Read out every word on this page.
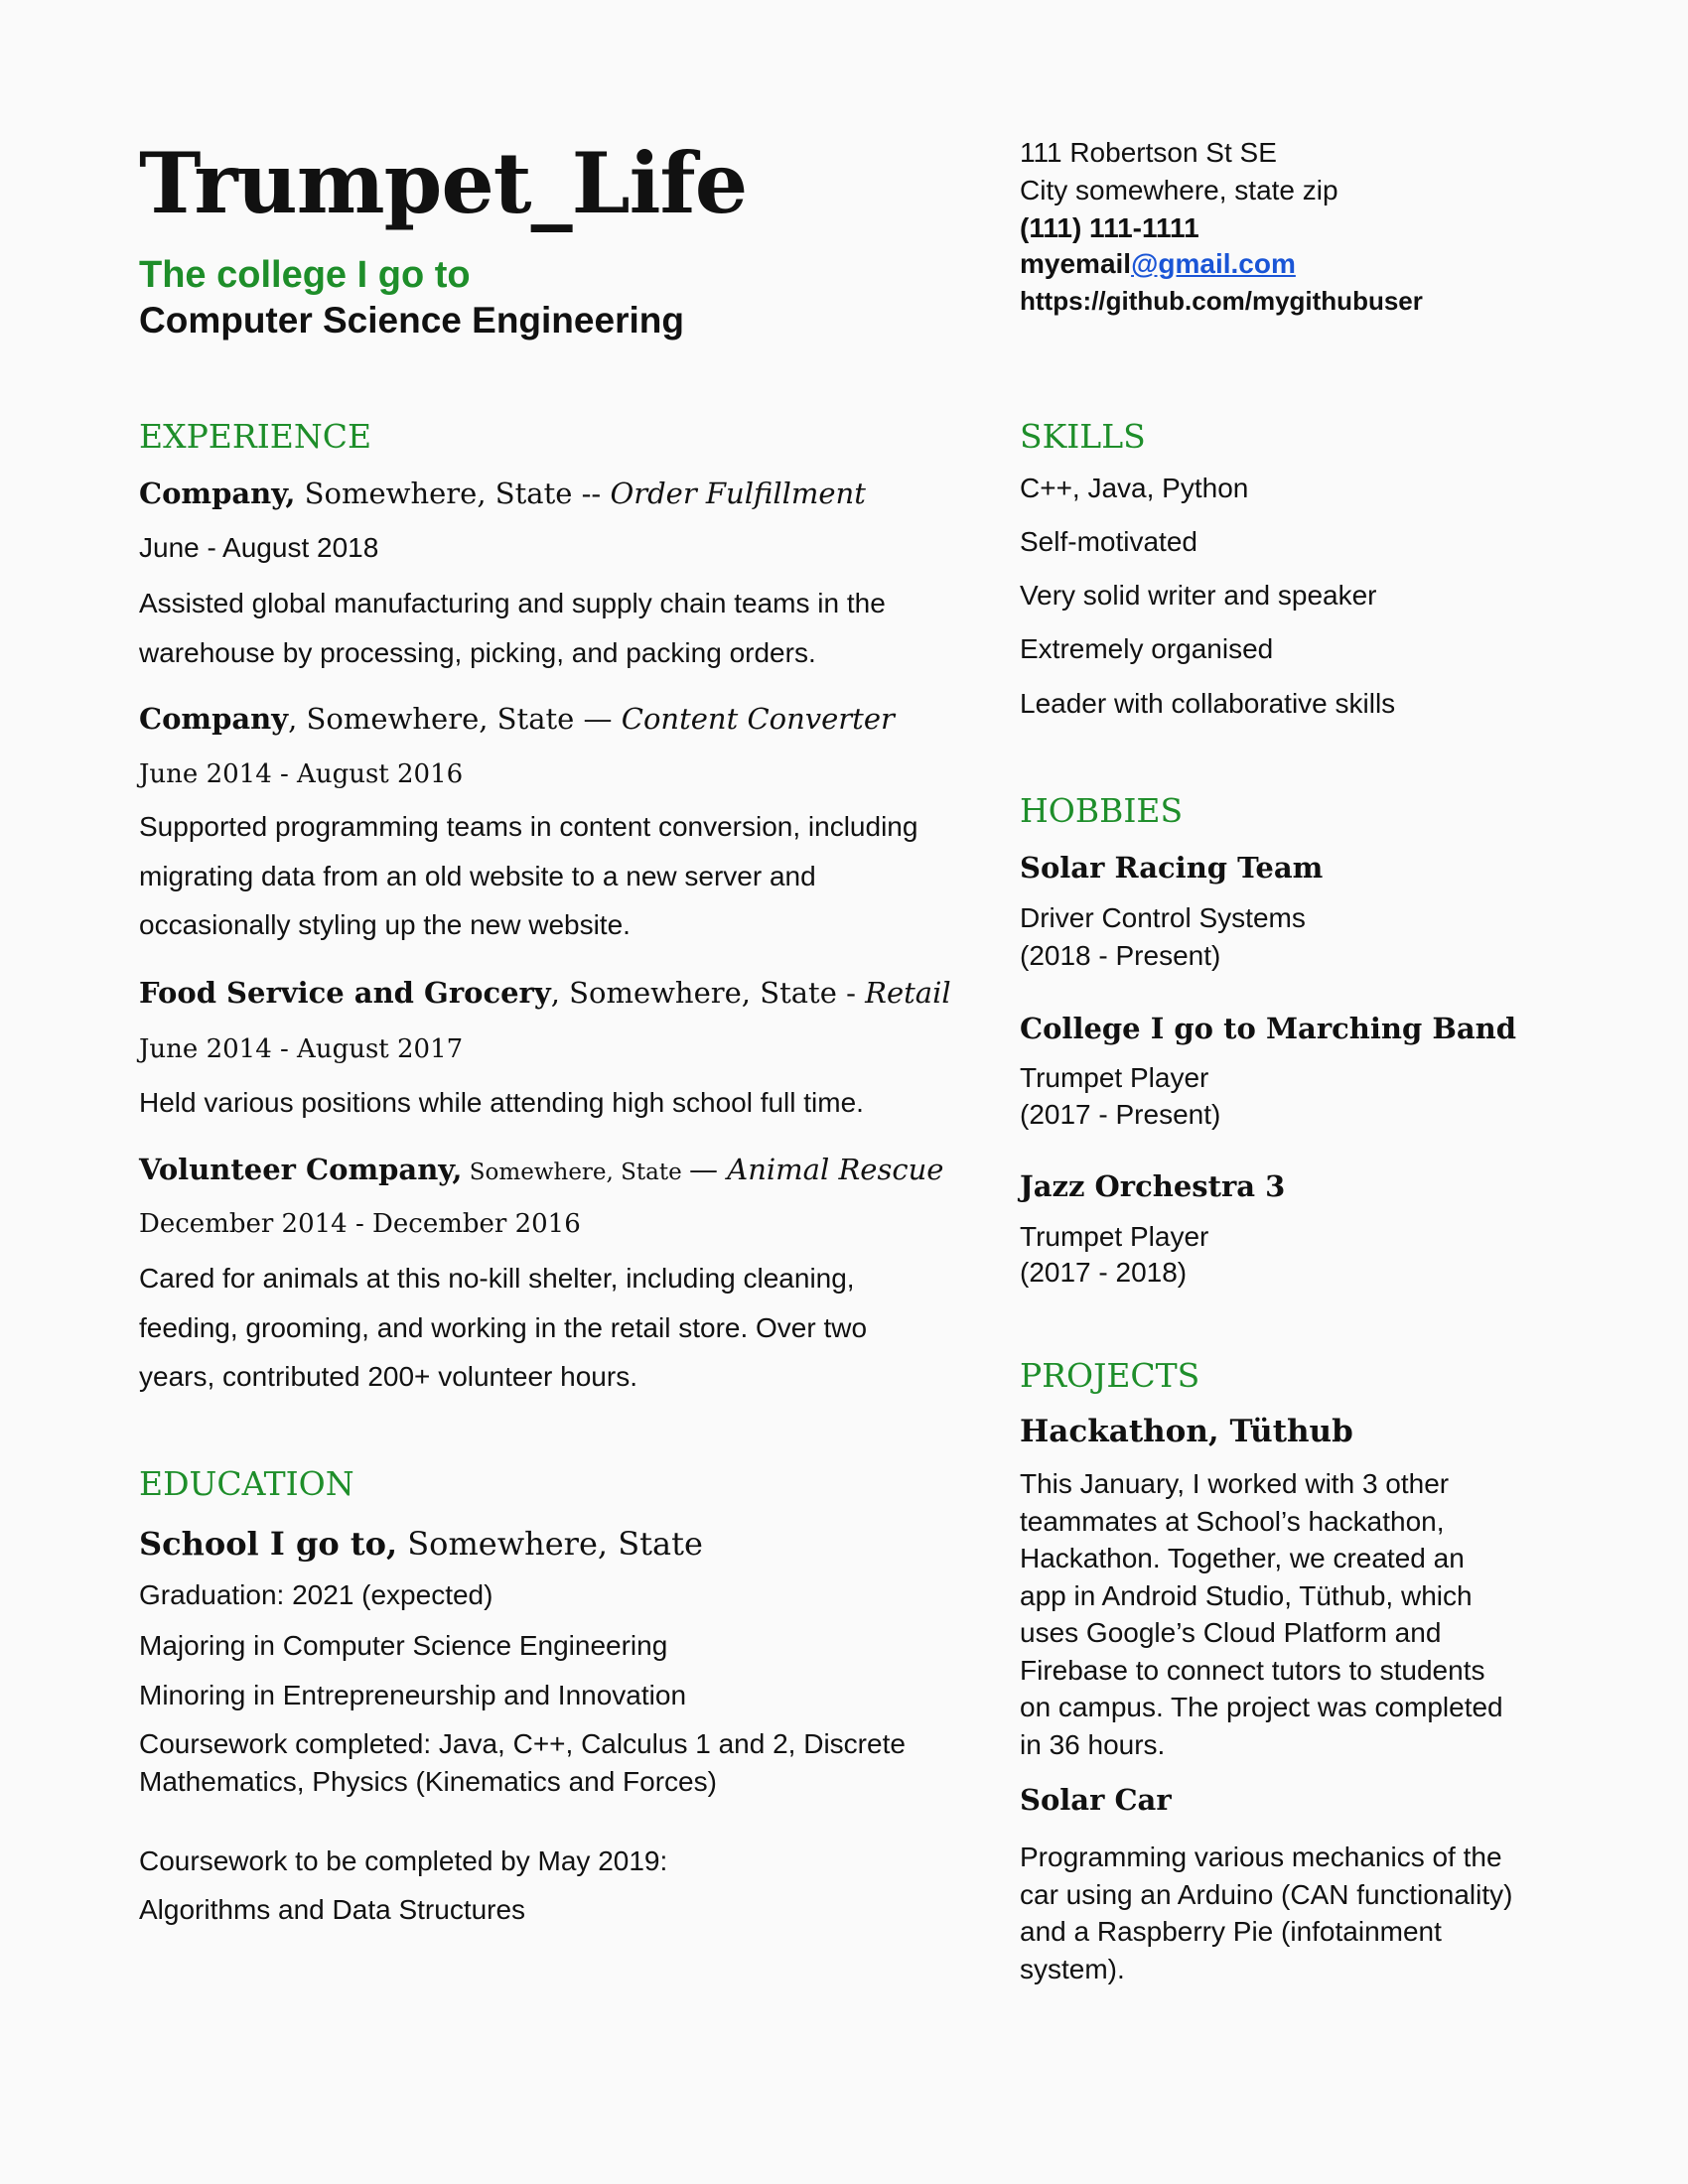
Trumpet_Life
The college I go to
Computer Science Engineering
111 Robertson St SE
City somewhere, state zip
(111) 111-1111
myemail@gmail.com
https://github.com/mygithubuser
EXPERIENCE
Company, Somewhere, State -- Order Fulfillment
June - August 2018
Assisted global manufacturing and supply chain teams in the warehouse by processing, picking, and packing orders.
Company, Somewhere, State — Content Converter
June 2014 - August 2016
Supported programming teams in content conversion, including migrating data from an old website to a new server and occasionally styling up the new website.
Food Service and Grocery, Somewhere, State - Retail
June 2014 - August 2017
Held various positions while attending high school full time.
Volunteer Company, Somewhere, State — Animal Rescue
December 2014 - December 2016
Cared for animals at this no-kill shelter, including cleaning, feeding, grooming, and working in the retail store. Over two years, contributed 200+ volunteer hours.
EDUCATION
School I go to, Somewhere, State
Graduation: 2021 (expected)
Majoring in Computer Science Engineering
Minoring in Entrepreneurship and Innovation
Coursework completed: Java, C++, Calculus 1 and 2, Discrete
Mathematics, Physics (Kinematics and Forces)
Coursework to be completed by May 2019:
Algorithms and Data Structures
SKILLS
C++, Java, Python
Self-motivated
Very solid writer and speaker
Extremely organised
Leader with collaborative skills
HOBBIES
Solar Racing Team
Driver Control Systems
(2018 - Present)
College I go to Marching Band
Trumpet Player
(2017 - Present)
Jazz Orchestra 3
Trumpet Player
(2017 - 2018)
PROJECTS
Hackathon, Tüthub
This January, I worked with 3 other teammates at School’s hackathon, Hackathon. Together, we created an app in Android Studio, Tüthub, which uses Google’s Cloud Platform and Firebase to connect tutors to students on campus. The project was completed in 36 hours.
Solar Car
Programming various mechanics of the car using an Arduino (CAN functionality) and a Raspberry Pie (infotainment system).
